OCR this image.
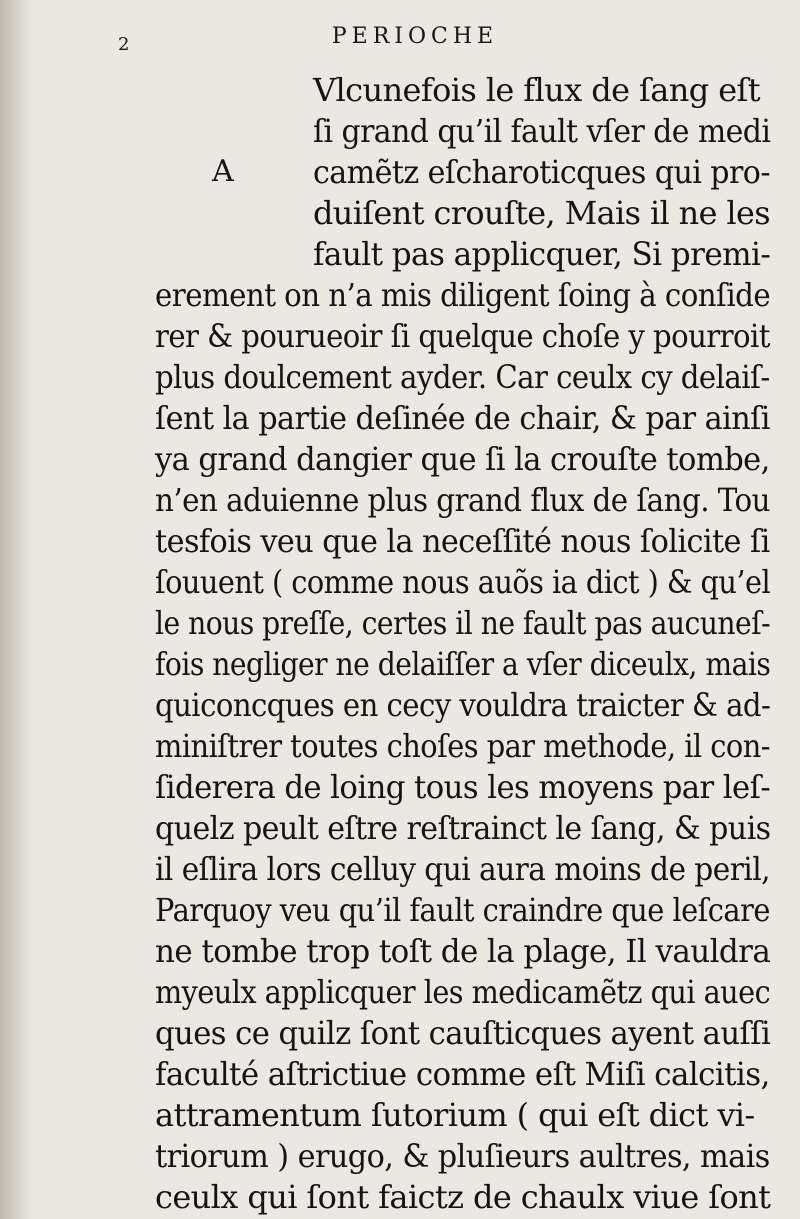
2	PERIOCHE
A
Vlcunefois le flux de ſang eſt
ſi grand qu’il fault vſer de medi
camẽtz eſcharoticques qui pro-
duiſent crouſte, Mais il ne les
fault pas applicquer, Si premi-
erement on n’a mis diligent ſoing à conſide
rer & pourueoir ſi quelque choſe y pourroit
plus doulcement ayder. Car ceulx cy delaiſ-
ſent la partie deſinée de chair, & par ainſi
ya grand dangier que ſi la crouſte tombe,
n’en aduienne plus grand flux de ſang. Tou
tesfois veu que la neceſſité nous ſolicite ſi
ſouuent ( comme nous auõs ia dict ) & qu’el
le nous preſſe, certes il ne fault pas aucuneſ-
fois negliger ne delaiſſer a vſer diceulx, mais
quiconcques en cecy vouldra traicter & ad-
miniſtrer toutes choſes par methode, il con-
ſiderera de loing tous les moyens par leſ-
quelz peult eſtre reſtrainct le ſang, & puis
il eſlira lors celluy qui aura moins de peril,
Parquoy veu qu’il fault craindre que leſcare
ne tombe trop toſt de la plage, Il vauldra
myeulx applicquer les medicamẽtz qui auec
ques ce quilz ſont cauſticques ayent auſſi
faculté aſtrictiue comme eſt Miſi calcitis,
attramentum ſutorium ( qui eſt dict vi-
triorum ) erugo, & pluſieurs aultres, mais
ceulx qui ſont faictz de chaulx viue ſont
